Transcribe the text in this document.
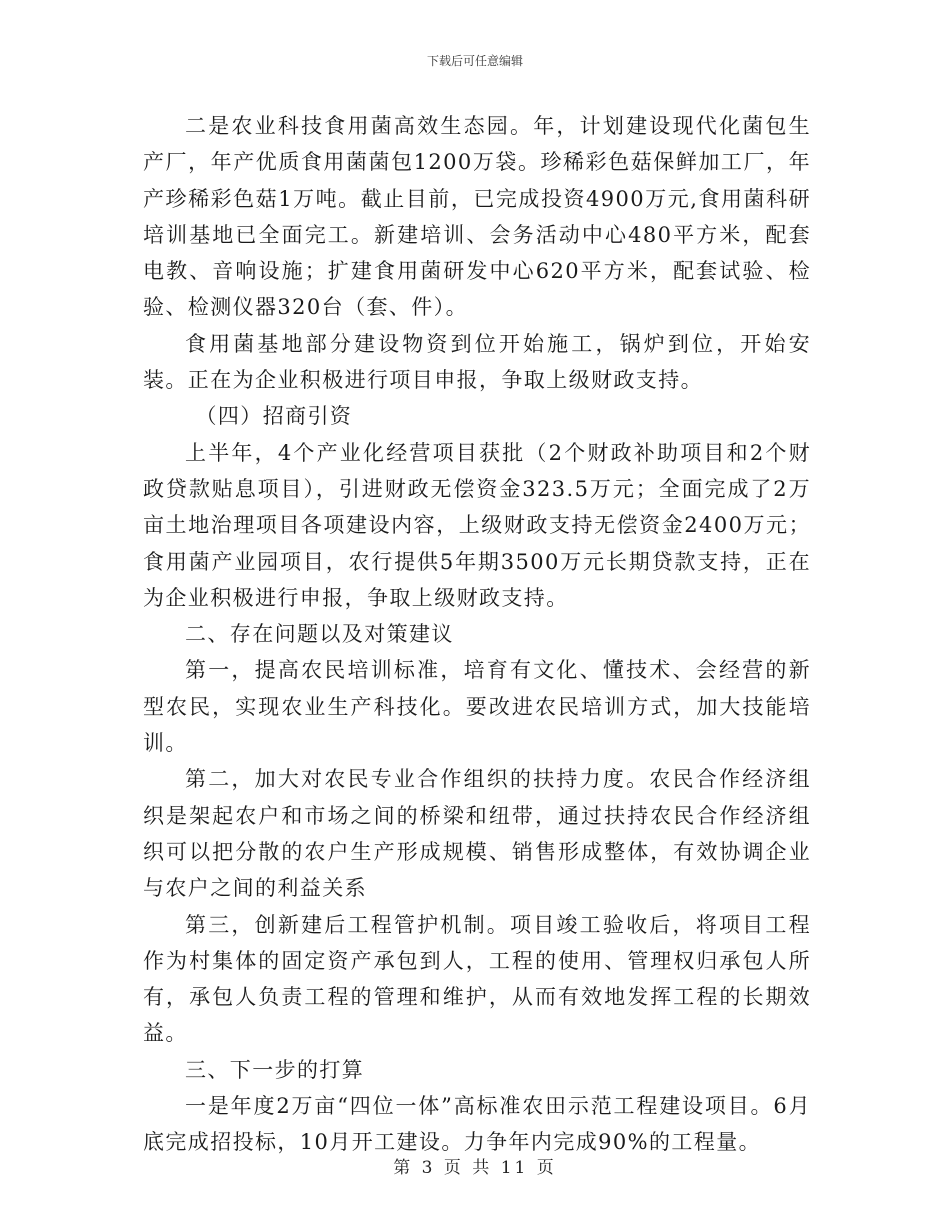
下载后可任意编辑

二是农业科技食用菌高效生态园。年，计划建设现代化菌包生产厂，年产优质食用菌菌包1200万袋。珍稀彩色菇保鲜加工厂，年产珍稀彩色菇1万吨。截止目前，已完成投资4900万元,食用菌科研培训基地已全面完工。新建培训、会务活动中心480平方米，配套电教、音响设施；扩建食用菌研发中心620平方米，配套试验、检验、检测仪器320台（套、件）。

食用菌基地部分建设物资到位开始施工，锅炉到位，开始安装。正在为企业积极进行项目申报，争取上级财政支持。

（四）招商引资

上半年，4个产业化经营项目获批（2个财政补助项目和2个财政贷款贴息项目），引进财政无偿资金323.5万元；全面完成了2万亩土地治理项目各项建设内容，上级财政支持无偿资金2400万元；食用菌产业园项目，农行提供5年期3500万元长期贷款支持，正在为企业积极进行申报，争取上级财政支持。

二、存在问题以及对策建议

第一，提高农民培训标准，培育有文化、懂技术、会经营的新型农民，实现农业生产科技化。要改进农民培训方式，加大技能培训。

第二，加大对农民专业合作组织的扶持力度。农民合作经济组织是架起农户和市场之间的桥梁和纽带，通过扶持农民合作经济组织可以把分散的农户生产形成规模、销售形成整体，有效协调企业与农户之间的利益关系

第三，创新建后工程管护机制。项目竣工验收后，将项目工程作为村集体的固定资产承包到人，工程的使用、管理权归承包人所有，承包人负责工程的管理和维护，从而有效地发挥工程的长期效益。

三、下一步的打算

一是年度2万亩“四位一体”高标准农田示范工程建设项目。6月底完成招投标，10月开工建设。力争年内完成90%的工程量。

第 3 页 共 11 页
